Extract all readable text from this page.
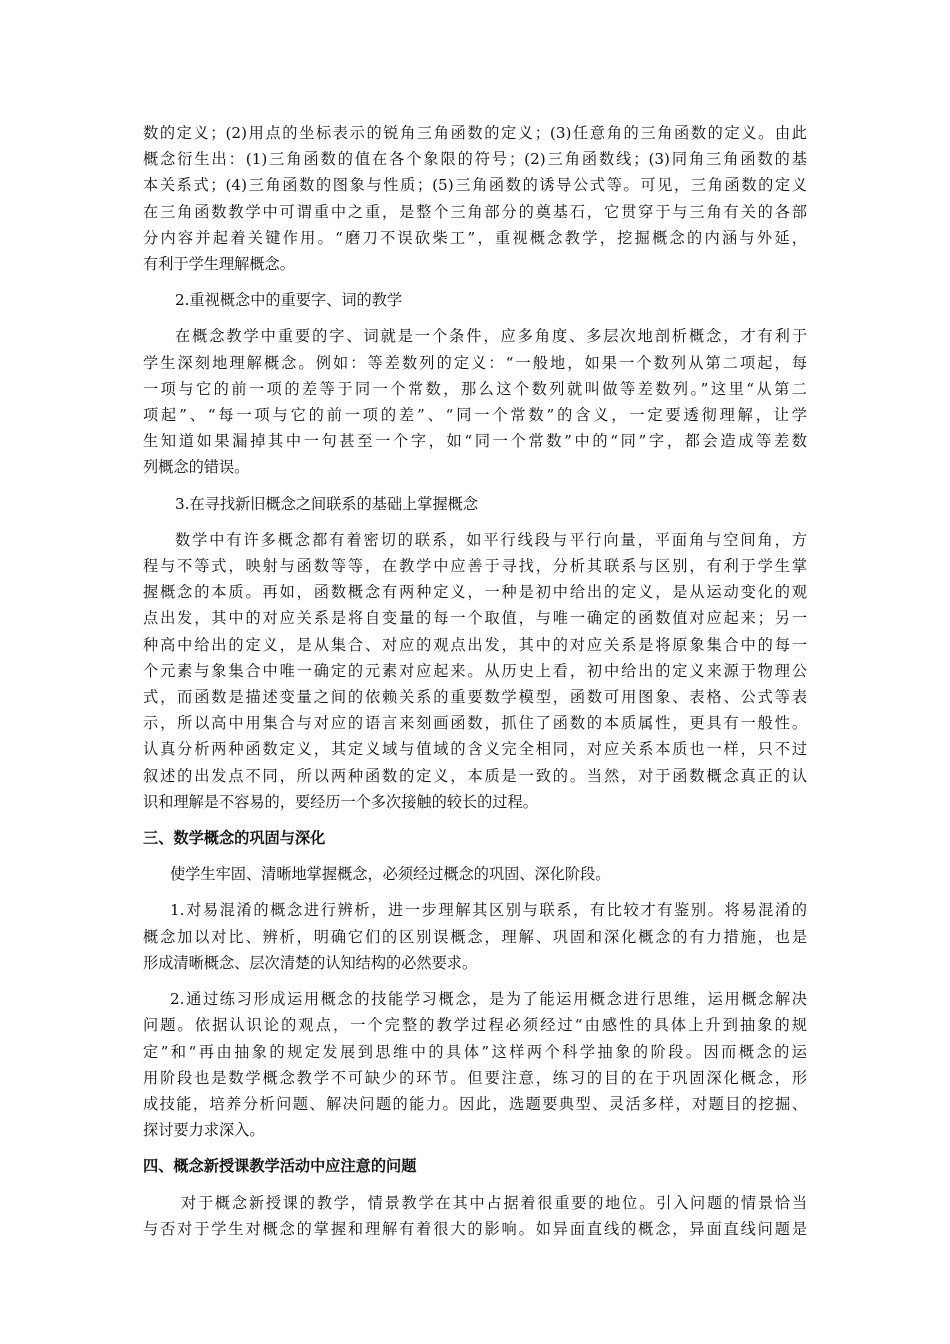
数的定义；(2)用点的坐标表示的锐角三角函数的定义；(3)任意角的三角函数的定义。由此
概念衍生出：(1)三角函数的值在各个象限的符号；(2)三角函数线；(3)同角三角函数的基
本关系式；(4)三角函数的图象与性质；(5)三角函数的诱导公式等。可见，三角函数的定义
在三角函数教学中可谓重中之重，是整个三角部分的奠基石，它贯穿于与三角有关的各部
分内容并起着关键作用。“磨刀不误砍柴工”，重视概念教学，挖掘概念的内涵与外延，
有利于学生理解概念。

2.重视概念中的重要字、词的教学

在概念教学中重要的字、词就是一个条件，应多角度、多层次地剖析概念，才有利于
学生深刻地理解概念。例如：等差数列的定义：“一般地，如果一个数列从第二项起，每
一项与它的前一项的差等于同一个常数，那么这个数列就叫做等差数列。”这里“从第二
项起”、“每一项与它的前一项的差”、“同一个常数”的含义，一定要透彻理解，让学
生知道如果漏掉其中一句甚至一个字，如“同一个常数”中的“同”字，都会造成等差数
列概念的错误。

3.在寻找新旧概念之间联系的基础上掌握概念

数学中有许多概念都有着密切的联系，如平行线段与平行向量，平面角与空间角，方
程与不等式，映射与函数等等，在教学中应善于寻找，分析其联系与区别，有利于学生掌
握概念的本质。再如，函数概念有两种定义，一种是初中给出的定义，是从运动变化的观
点出发，其中的对应关系是将自变量的每一个取值，与唯一确定的函数值对应起来；另一
种高中给出的定义，是从集合、对应的观点出发，其中的对应关系是将原象集合中的每一
个元素与象集合中唯一确定的元素对应起来。从历史上看，初中给出的定义来源于物理公
式，而函数是描述变量之间的依赖关系的重要数学模型，函数可用图象、表格、公式等表
示，所以高中用集合与对应的语言来刻画函数，抓住了函数的本质属性，更具有一般性。
认真分析两种函数定义，其定义域与值域的含义完全相同，对应关系本质也一样，只不过
叙述的出发点不同，所以两种函数的定义，本质是一致的。当然，对于函数概念真正的认
识和理解是不容易的，要经历一个多次接触的较长的过程。

三、数学概念的巩固与深化

使学生牢固、清晰地掌握概念，必须经过概念的巩固、深化阶段。

1.对易混淆的概念进行辨析，进一步理解其区别与联系，有比较才有鉴别。将易混淆的
概念加以对比、辨析，明确它们的区别误概念，理解、巩固和深化概念的有力措施，也是
形成清晰概念、层次清楚的认知结构的必然要求。

2.通过练习形成运用概念的技能学习概念，是为了能运用概念进行思维，运用概念解决
问题。依据认识论的观点，一个完整的教学过程必须经过“由感性的具体上升到抽象的规
定”和“再由抽象的规定发展到思维中的具体”这样两个科学抽象的阶段。因而概念的运
用阶段也是数学概念教学不可缺少的环节。但要注意，练习的目的在于巩固深化概念，形
成技能，培养分析问题、解决问题的能力。因此，选题要典型、灵活多样，对题目的挖掘、
探讨要力求深入。

四、概念新授课教学活动中应注意的问题

对于概念新授课的教学，情景教学在其中占据着很重要的地位。引入问题的情景恰当
与否对于学生对概念的掌握和理解有着很大的影响。如异面直线的概念，异面直线问题是
